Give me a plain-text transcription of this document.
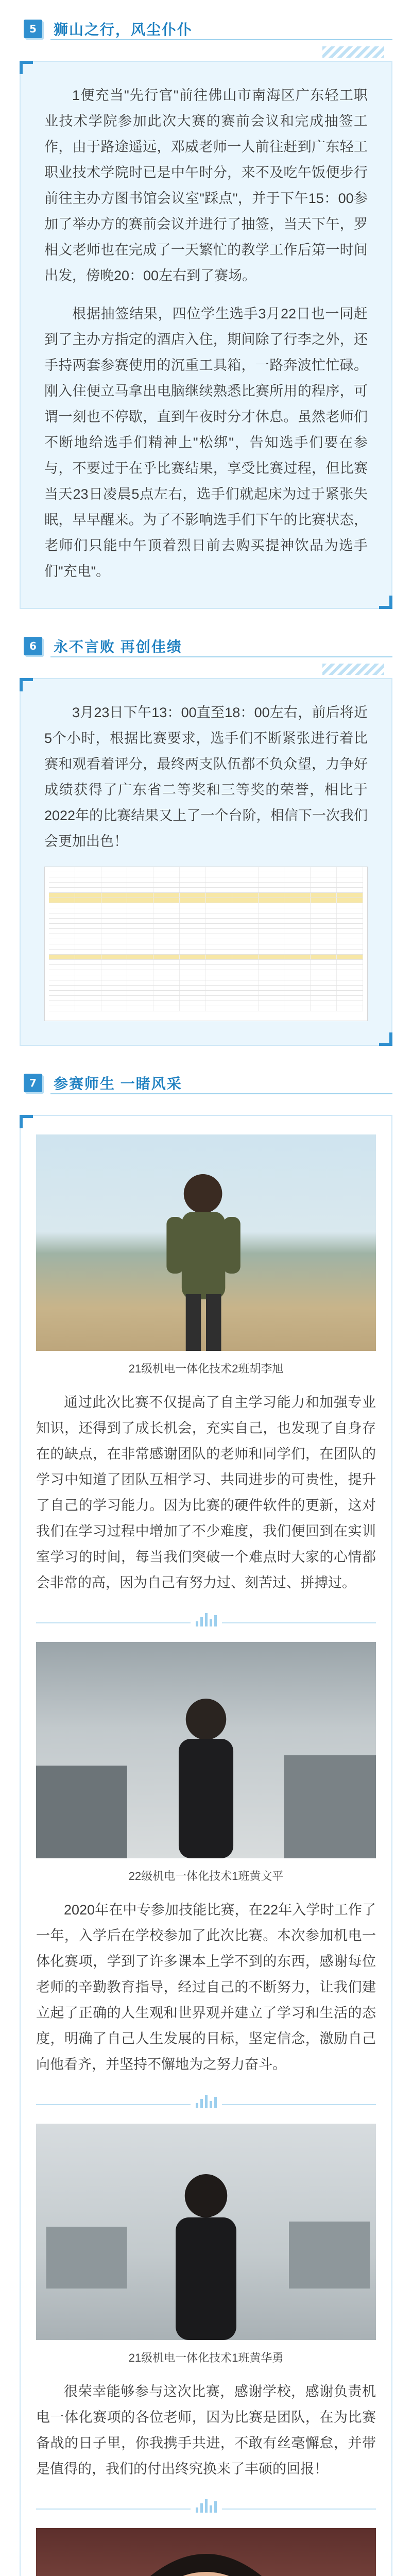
5	狮山之行，风尘仆仆

1便充当"先行官"前往佛山市南海区广东轻工职业技术学院参加此次大赛的赛前会议和完成抽签工作，由于路途遥远，邓威老师一人前往赶到广东轻工职业技术学院时已是中午时分，来不及吃午饭便步行前往主办方图书馆会议室"踩点"，并于下午15：00参加了举办方的赛前会议并进行了抽签，当天下午，罗相文老师也在完成了一天繁忙的教学工作后第一时间出发，傍晚20：00左右到了赛场。

根据抽签结果，四位学生选手3月22日也一同赶到了主办方指定的酒店入住，期间除了行李之外，还手持两套参赛使用的沉重工具箱，一路奔波忙忙碌。刚入住便立马拿出电脑继续熟悉比赛所用的程序，可谓一刻也不停歇，直到午夜时分才休息。虽然老师们不断地给选手们精神上"松绑"，告知选手们要在参与，不要过于在乎比赛结果，享受比赛过程，但比赛当天23日凌晨5点左右，选手们就起床为过于紧张失眠，早早醒来。为了不影响选手们下午的比赛状态，老师们只能中午顶着烈日前去购买提神饮品为选手们"充电"。

6	永不言败 再创佳绩

3月23日下午13：00直至18：00左右，前后将近5个小时，根据比赛要求，选手们不断紧张进行着比赛和观看着评分，最终两支队伍都不负众望，力争好成绩获得了广东省二等奖和三等奖的荣誉，相比于2022年的比赛结果又上了一个台阶，相信下一次我们会更加出色！

7	参赛师生 一睹风采
21级机电一体化技术2班胡李旭

通过此次比赛不仅提高了自主学习能力和加强专业知识，还得到了成长机会，充实自己，也发现了自身存在的缺点，在非常感谢团队的老师和同学们，在团队的学习中知道了团队互相学习、共同进步的可贵性，提升了自己的学习能力。因为比赛的硬件软件的更新，这对我们在学习过程中增加了不少难度，我们便回到在实训室学习的时间，每当我们突破一个难点时大家的心情都会非常的高，因为自己有努力过、刻苦过、拼搏过。

22级机电一体化技术1班黄文平

2020年在中专参加技能比赛，在22年入学时工作了一年，入学后在学校参加了此次比赛。本次参加机电一体化赛项，学到了许多课本上学不到的东西，感谢每位老师的辛勤教育指导，经过自己的不断努力，让我们建立起了正确的人生观和世界观并建立了学习和生活的态度，明确了自己人生发展的目标，坚定信念，激励自己向他看齐，并坚持不懈地为之努力奋斗。

21级机电一体化技术1班黄华勇

很荣幸能够参与这次比赛，感谢学校，感谢负责机电一体化赛项的各位老师，因为比赛是团队，在为比赛备战的日子里，你我携手共进，不敢有丝毫懈怠，并带是值得的，我们的付出终究换来了丰硕的回报！
